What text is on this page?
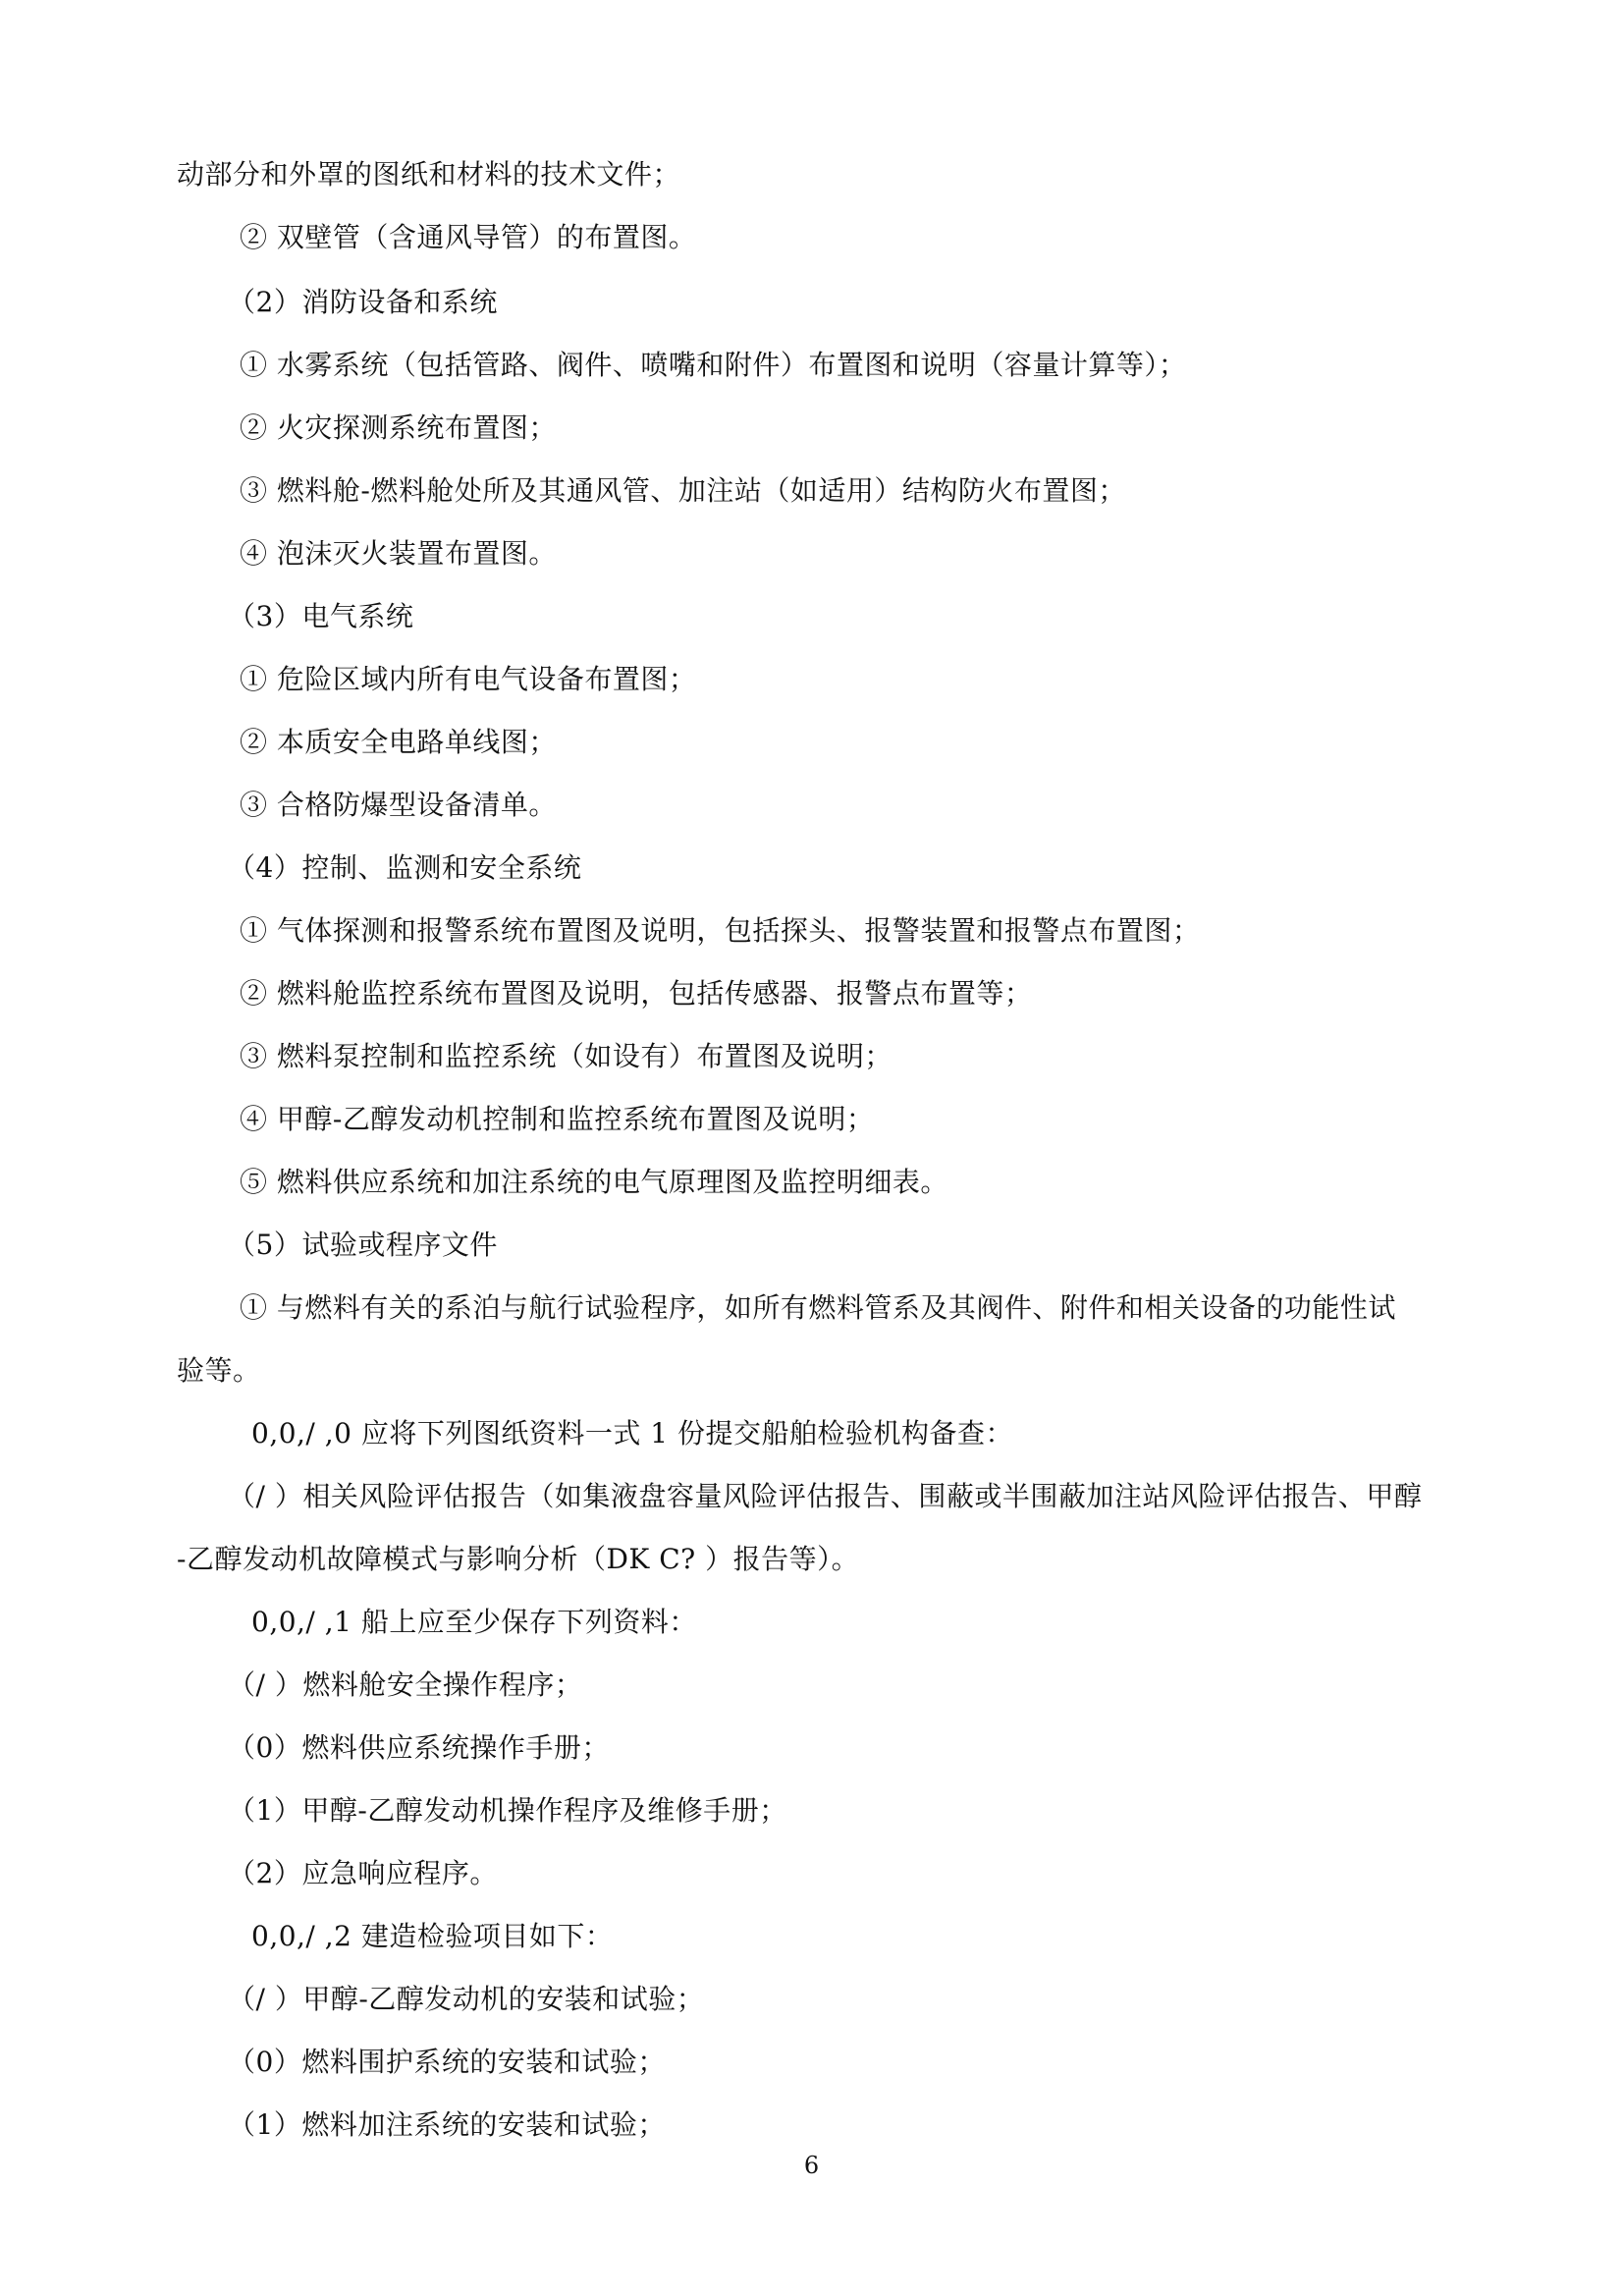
动部分和外罩的图纸和材料的技术文件；
② 双壁管（含通风导管）的布置图。
（2）消防设备和系统
① 水雾系统（包括管路、阀件、喷嘴和附件）布置图和说明（容量计算等）；
② 火灾探测系统布置图；
③ 燃料舱-燃料舱处所及其通风管、加注站（如适用）结构防火布置图；
④ 泡沫灭火装置布置图。
（3）电气系统
① 危险区域内所有电气设备布置图；
② 本质安全电路单线图；
③ 合格防爆型设备清单。
（4）控制、监测和安全系统
① 气体探测和报警系统布置图及说明，包括探头、报警装置和报警点布置图；
② 燃料舱监控系统布置图及说明，包括传感器、报警点布置等；
③ 燃料泵控制和监控系统（如设有）布置图及说明；
④ 甲醇-乙醇发动机控制和监控系统布置图及说明；
⑤ 燃料供应系统和加注系统的电气原理图及监控明细表。
（5）试验或程序文件
① 与燃料有关的系泊与航行试验程序，如所有燃料管系及其阀件、附件和相关设备的功能性试
验等。
0,0,/ ,0 应将下列图纸资料一式 1 份提交船舶检验机构备查：
（/ ）相关风险评估报告（如集液盘容量风险评估报告、围蔽或半围蔽加注站风险评估报告、甲醇
-乙醇发动机故障模式与影响分析（DK C? ）报告等）。
0,0,/ ,1 船上应至少保存下列资料：
（/ ）燃料舱安全操作程序；
（0）燃料供应系统操作手册；
（1）甲醇-乙醇发动机操作程序及维修手册；
（2）应急响应程序。
0,0,/ ,2 建造检验项目如下：
（/ ）甲醇-乙醇发动机的安装和试验；
（0）燃料围护系统的安装和试验；
（1）燃料加注系统的安装和试验；
6
